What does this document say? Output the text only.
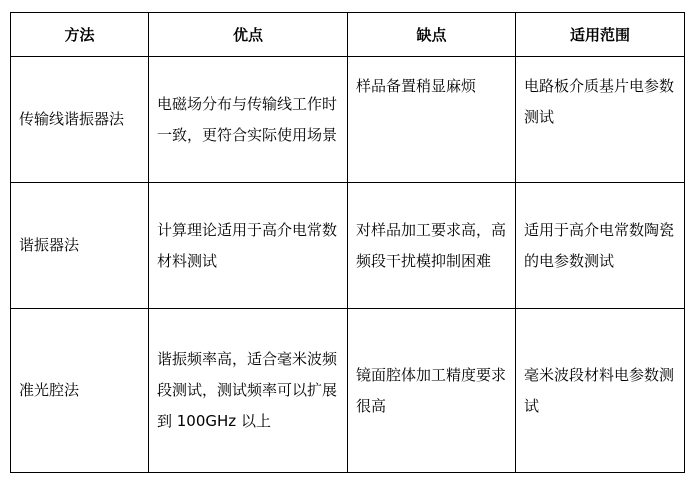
方法	优点	缺点	适用范围
传输线谐振器法	电磁场分布与传输线工作时一致，更符合实际使用场景	样品备置稍显麻烦	电路板介质基片电参数测试
谐振器法	计算理论适用于高介电常数材料测试	对样品加工要求高，高频段干扰模抑制困难	适用于高介电常数陶瓷的电参数测试
准光腔法	谐振频率高，适合毫米波频段测试，测试频率可以扩展到 100GHz 以上	镜面腔体加工精度要求很高	毫米波段材料电参数测试
